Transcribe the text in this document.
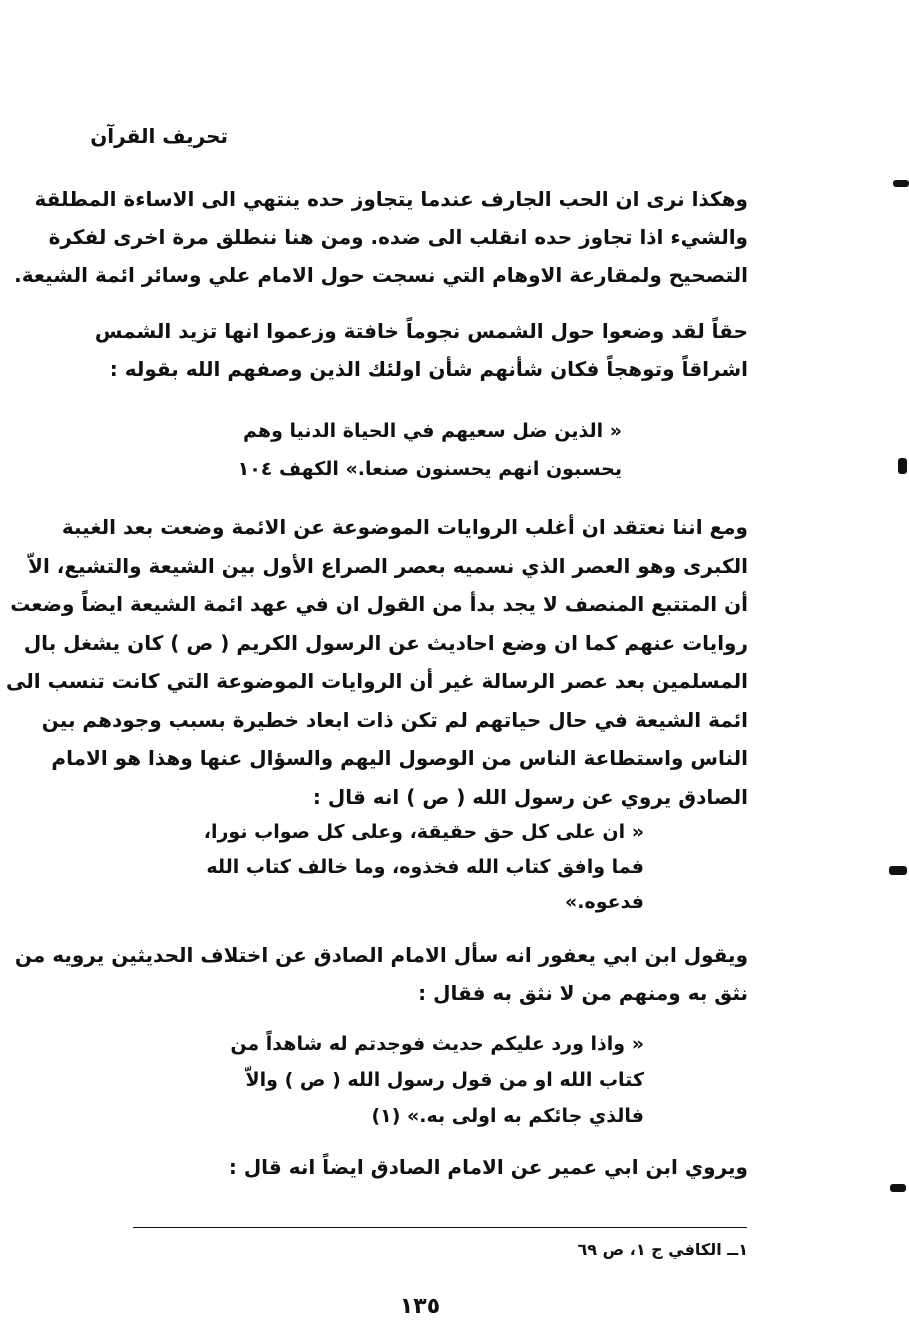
تحريف القرآن
وهكذا نرى ان الحب الجارف عندما يتجاوز حده ينتهي الى الاساءة المطلقة
والشيء اذا تجاوز حده انقلب الى ضده. ومن هنا ننطلق مرة اخرى لفكرة
التصحيح ولمقارعة الاوهام التي نسجت حول الامام علي وسائر ائمة الشيعة.
حقاً لقد وضعوا حول الشمس نجوماً خافتة وزعموا انها تزيد الشمس
اشراقاً وتوهجاً فكان شأنهم شأن اولئك الذين وصفهم الله بقوله :
« الذين ضل سعيهم في الحياة الدنيا وهم
يحسبون انهم يحسنون صنعا.» الكهف ١٠٤
ومع اننا نعتقد ان أغلب الروايات الموضوعة عن الائمة وضعت بعد الغيبة
الكبرى وهو العصر الذي نسميه بعصر الصراع الأول بين الشيعة والتشيع، الاّ
أن المتتبع المنصف لا يجد بدأ من القول ان في عهد ائمة الشيعة ايضاً وضعت
روايات عنهم كما ان وضع احاديث عن الرسول الكريم ( ص ) كان يشغل بال
المسلمين بعد عصر الرسالة غير أن الروايات الموضوعة التي كانت تنسب الى
ائمة الشيعة في حال حياتهم لم تكن ذات ابعاد خطيرة بسبب وجودهم بين
الناس واستطاعة الناس من الوصول اليهم والسؤال عنها وهذا هو الامام
الصادق يروي عن رسول الله ( ص ) انه قال :
« ان على كل حق حقيقة، وعلى كل صواب نورا،
فما وافق كتاب الله فخذوه، وما خالف كتاب الله
فدعوه.»
ويقول ابن ابي يعفور انه سأل الامام الصادق عن اختلاف الحديثين يرويه من
نثق به ومنهم من لا نثق به فقال :
« واذا ورد عليكم حديث فوجدتم له شاهداً من
كتاب الله او من قول رسول الله ( ص ) والاّ
فالذي جائكم به اولى به.» (١)
ويروي ابن ابي عمير عن الامام الصادق ايضاً انه قال :
١ــ الكافي ج ١، ص ٦٩
١٣٥
